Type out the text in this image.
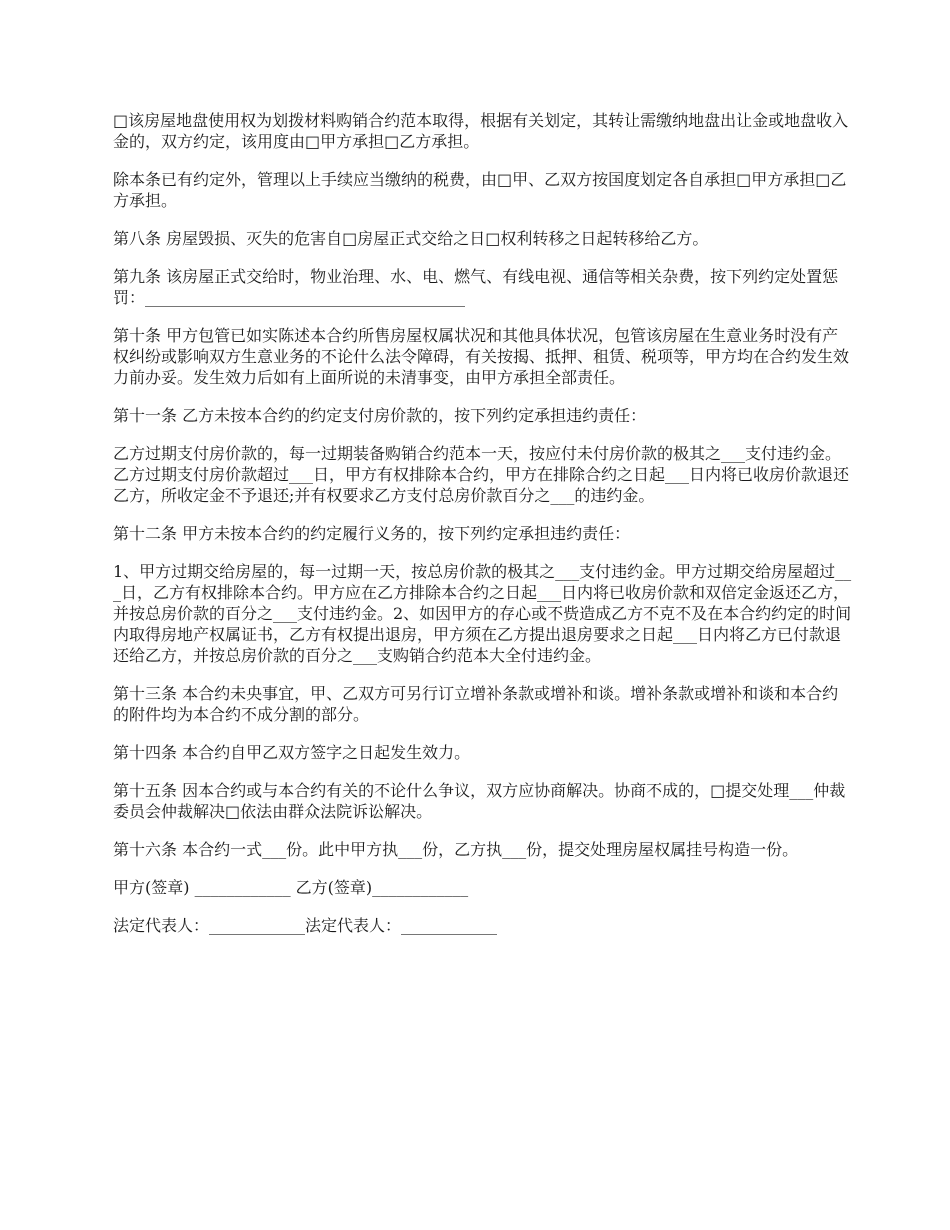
□该房屋地盘使用权为划拨材料购销合约范本取得，根据有关划定，其转让需缴纳地盘出让金或地盘收入金的，双方约定，该用度由□甲方承担□乙方承担。

除本条已有约定外，管理以上手续应当缴纳的税费，由□甲、乙双方按国度划定各自承担□甲方承担□乙方承担。

第八条 房屋毁损、灭失的危害自□房屋正式交给之日□权利转移之日起转移给乙方。

第九条 该房屋正式交给时，物业治理、水、电、燃气、有线电视、通信等相关杂费，按下列约定处置惩罚：________________________________________

第十条 甲方包管已如实陈述本合约所售房屋权属状况和其他具体状况，包管该房屋在生意业务时没有产权纠纷或影响双方生意业务的不论什么法令障碍，有关按揭、抵押、租赁、税项等，甲方均在合约发生效力前办妥。发生效力后如有上面所说的未清事变，由甲方承担全部责任。

第十一条 乙方未按本合约的约定支付房价款的，按下列约定承担违约责任：

乙方过期支付房价款的，每一过期装备购销合约范本一天，按应付未付房价款的极其之___支付违约金。乙方过期支付房价款超过___日，甲方有权排除本合约，甲方在排除合约之日起___日内将已收房价款退还乙方，所收定金不予退还;并有权要求乙方支付总房价款百分之___的违约金。

第十二条 甲方未按本合约的约定履行义务的，按下列约定承担违约责任：

1、甲方过期交给房屋的，每一过期一天，按总房价款的极其之___支付违约金。甲方过期交给房屋超过___日，乙方有权排除本合约。甲方应在乙方排除本合约之日起___日内将已收房价款和双倍定金返还乙方，并按总房价款的百分之___支付违约金。2、如因甲方的存心或不赀造成乙方不克不及在本合约约定的时间内取得房地产权属证书，乙方有权提出退房，甲方须在乙方提出退房要求之日起___日内将乙方已付款退还给乙方，并按总房价款的百分之___支购销合约范本大全付违约金。

第十三条 本合约未央事宜，甲、乙双方可另行订立增补条款或增补和谈。增补条款或增补和谈和本合约的附件均为本合约不成分割的部分。

第十四条 本合约自甲乙双方签字之日起发生效力。

第十五条 因本合约或与本合约有关的不论什么争议，双方应协商解决。协商不成的，□提交处理___仲裁委员会仲裁解决□依法由群众法院诉讼解决。

第十六条 本合约一式___份。此中甲方执___份，乙方执___份，提交处理房屋权属挂号构造一份。

甲方(签章) ____________ 乙方(签章)____________

法定代表人：____________法定代表人：____________
